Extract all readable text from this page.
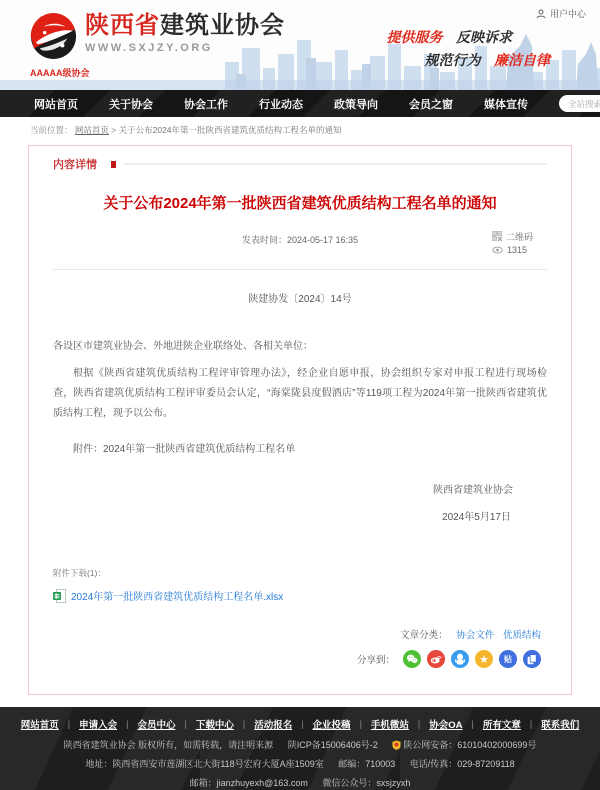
用户中心
陕西省建筑业协会
WWW.SXJZY.ORG
AAAAA级协会
提供服务 反映诉求
规范行为 廉洁自律
网站首页	关于协会	协会工作	行业动态	政策导向	会员之窗	媒体宣传
全站搜索
当前位置： 网站首页 > 关于公布2024年第一批陕西省建筑优质结构工程名单的通知
内容详情
关于公布2024年第一批陕西省建筑优质结构工程名单的通知
发表时间：2024-05-17 16:35	二维码
1315
陕建协发〔2024〕14号
各设区市建筑业协会、外地进陕企业联络处、各相关单位：

根据《陕西省建筑优质结构工程评审管理办法》，经企业自愿申报，协会组织专家对申报工程进行现场检查，陕西省建筑优质结构工程评审委员会认定，“海棠陇县度假酒店”等119项工程为2024年第一批陕西省建筑优质结构工程，现予以公布。

附件：2024年第一批陕西省建筑优质结构工程名单
陕西省建筑业协会
2024年5月17日
附件下载(1)：
2024年第一批陕西省建筑优质结构工程名单.xlsx
文章分类： 协会文件 优质结构
分享到：	★ 贴
网站首页 | 申请入会 | 会员中心 | 下载中心 | 活动报名 | 企业投稿 | 手机微站 | 协会OA | 所有文章 | 联系我们
陕西省建筑业协会 版权所有，如需转载，请注明来源 陕ICP备15006406号-2	陕公网安备：61010402000699号
地址：陕西省西安市莲湖区北大街118号宏府大厦A座1509室 邮编：710003 电话/传真：029-87209118
邮箱：jianzhuyexh@163.com 微信公众号：sxsjzyxh
